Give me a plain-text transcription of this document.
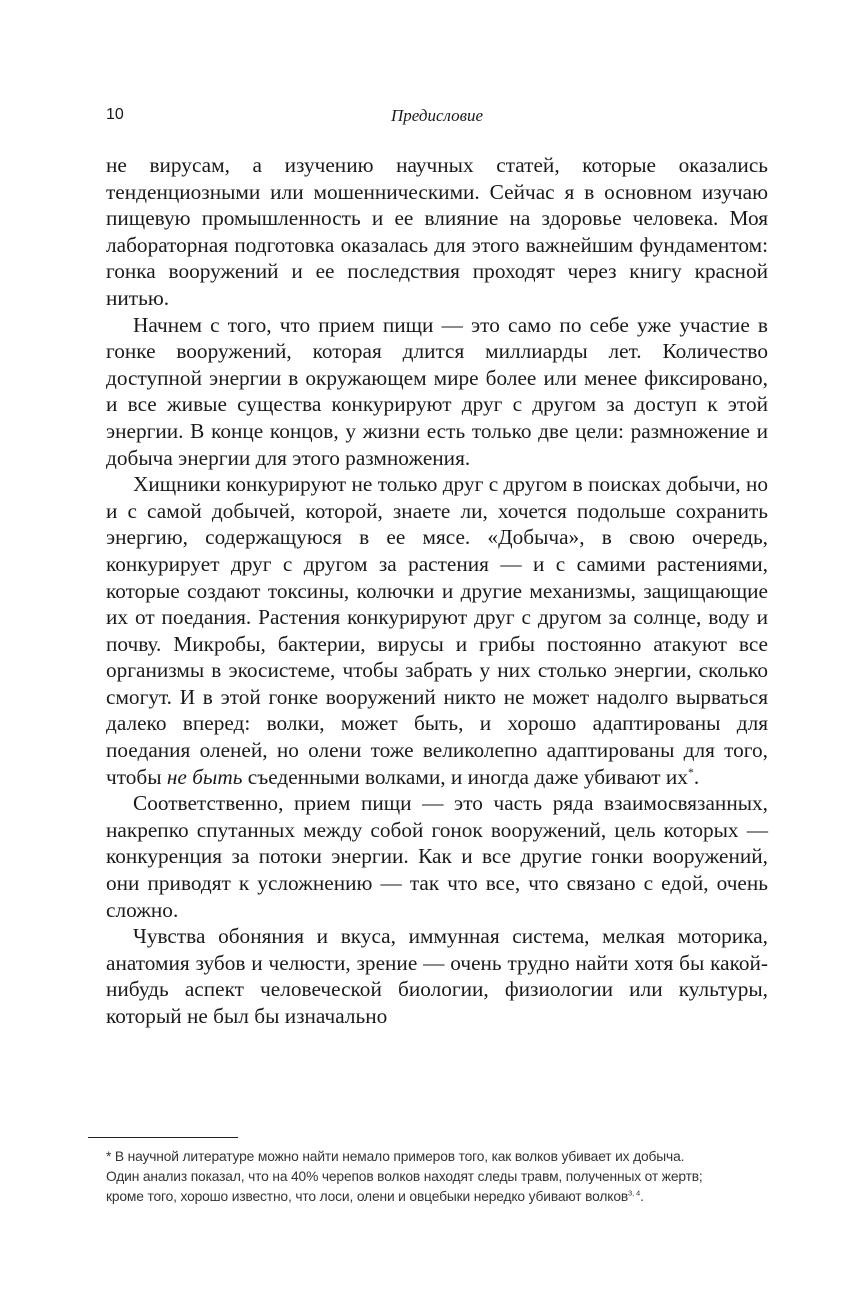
10	Предисловие

не вирусам, а изучению научных статей, которые оказались тенденциозными или мошенническими. Сейчас я в основном изучаю пищевую промышленность и ее влияние на здоровье человека. Моя лабораторная подготовка оказалась для этого важнейшим фундаментом: гонка вооружений и ее последствия проходят через книгу красной нитью.

Начнем с того, что прием пищи — это само по себе уже участие в гонке вооружений, которая длится миллиарды лет. Количество доступной энергии в окружающем мире более или менее фиксировано, и все живые существа конкурируют друг с другом за доступ к этой энергии. В конце концов, у жизни есть только две цели: размножение и добыча энергии для этого размножения.

Хищники конкурируют не только друг с другом в поисках добычи, но и с самой добычей, которой, знаете ли, хочется подольше сохранить энергию, содержащуюся в ее мясе. «Добыча», в свою очередь, конкурирует друг с другом за растения — и с самими растениями, которые создают токсины, колючки и другие механизмы, защищающие их от поедания. Растения конкурируют друг с другом за солнце, воду и почву. Микробы, бактерии, вирусы и грибы постоянно атакуют все организмы в экосистеме, чтобы забрать у них столько энергии, сколько смогут. И в этой гонке вооружений никто не может надолго вырваться далеко вперед: волки, может быть, и хорошо адаптированы для поедания оленей, но олени тоже великолепно адаптированы для того, чтобы не быть съеденными волками, и иногда даже убивают их*.

Соответственно, прием пищи — это часть ряда взаимосвязанных, накрепко спутанных между собой гонок вооружений, цель которых — конкуренция за потоки энергии. Как и все другие гонки вооружений, они приводят к усложнению — так что все, что связано с едой, очень сложно.

Чувства обоняния и вкуса, иммунная система, мелкая моторика, анатомия зубов и челюсти, зрение — очень трудно найти хотя бы какой-нибудь аспект человеческой биологии, физиологии или культуры, который не был бы изначально

* В научной литературе можно найти немало примеров того, как волков убивает их добыча.
Один анализ показал, что на 40% черепов волков находят следы травм, полученных от жертв;
кроме того, хорошо известно, что лоси, олени и овцебыки нередко убивают волков$^{3, 4}$.
